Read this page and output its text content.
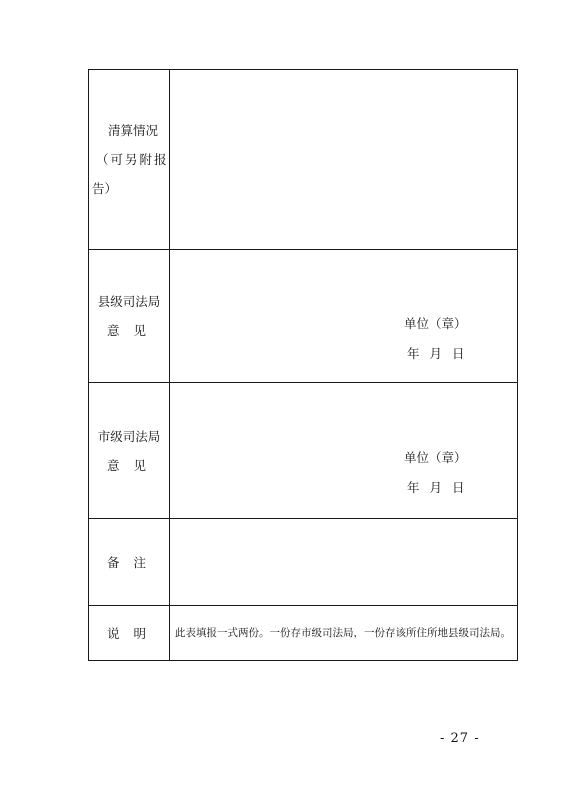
清算情况
（可另附报
告）	

县级司法局
意 见	单位（章）
年 月 日

市级司法局
意 见	单位（章）
年 月 日

备 注	

说 明	此表填报一式两份。一份存市级司法局，一份存该所住所地县级司法局。
- 27 -
